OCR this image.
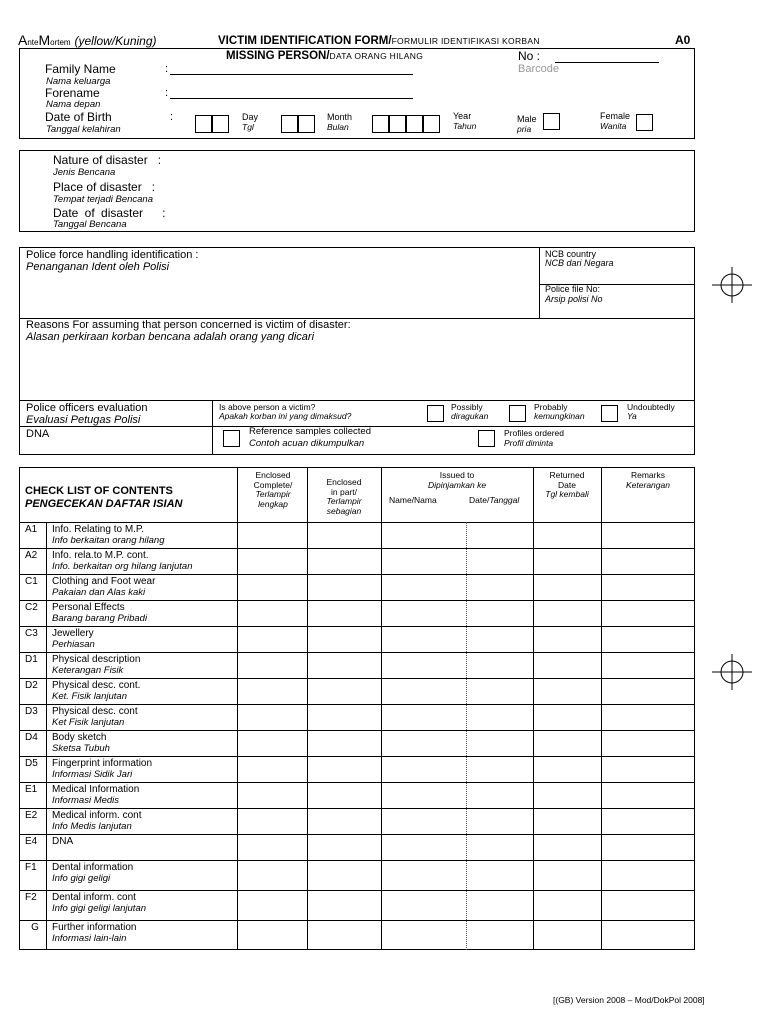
AnteMortem (yellow/Kuning)	VICTIM IDENTIFICATION FORM/FORMULIR IDENTIFIKASI KORBAN	A0
MISSING PERSON/DATA ORANG HILANG	No :
Barcode
Family Name
Nama keluarga
:
Forename
Nama depan
:
Date of Birth
Tanggal kelahiran
:	Day
Tgl
Month
Bulan
Year
Tahun
Male
pria
Female
Wanita
Nature of disaster :
Jenis Bencana
Place of disaster :
Tempat terjadi Bencana
Date of disaster :
Tanggal Bencana
Police force handling identification :
Penanganan Ident oleh Polisi
NCB country
NCB dari Negara
Police file No:
Arsip polisi No
Reasons For assuming that person concerned is victim of disaster:
Alasan perkiraan korban bencana adalah orang yang dicari
Police officers evaluation
Evaluasi Petugas Polisi
Is above person a victim?
Apakah korban ini yang dimaksud?
Possibly
diragukan
Probably
kemungkinan
Undoubtedly
Ya
DNA	Reference samples collected
Contoh acuan dikumpulkan
Profiles ordered
Profil diminta
CHECK LIST OF CONTENTS
PENGECEKAN DAFTAR ISIAN
Enclosed Complete/
Terlampir lengkap
Enclosed
in part/
Terlampir sebagian
Issued to
Dipinjamkan ke
Name/Nama	Date/Tanggal
Returned
Date
Tgl kembali
Remarks
Keterangan
A1	Info. Relating to M.P.
Info berkaitan orang hilang
A2	Info. rela.to M.P. cont.
Info. berkaitan org hilang lanjutan
C1	Clothing and Foot wear
Pakaian dan Alas kaki
C2	Personal Effects
Barang barang Pribadi
C3	Jewellery
Perhiasan
D1	Physical description
Keterangan Fisik
D2	Physical desc. cont.
Ket. Fisik lanjutan
D3	Physical desc. cont
Ket Fisik lanjutan
D4	Body sketch
Sketsa Tubuh
D5	Fingerprint information
Informasi Sidik Jari
E1	Medical Information
Informasi Medis
E2	Medical inform. cont
Info Medis lanjutan
E4	DNA
F1	Dental information
Info gigi geligi
F2	Dental inform. cont
Info gigi geligi lanjutan
G	Further information
Informasi lain-lain
[(GB) Version 2008 – Mod/DokPol 2008]
